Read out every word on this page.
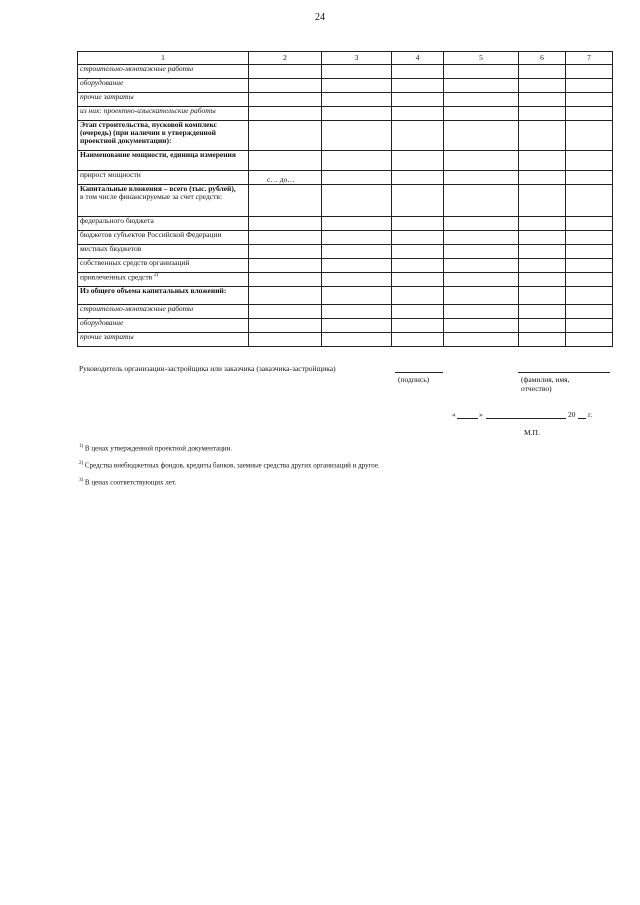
24
1	2	3	4	5	6	7
строительно-монтажные работы						
оборудование						
прочие затраты						
из них: проектно-изыскательские работы						
Этап строительства, пусковой комплекс (очередь) (при наличии в утвержденной проектной документации):						
Наименование мощности, единица измерения						
прирост мощности	с… до…					
Капитальные вложения – всего (тыс. рублей),
в том числе финансируемые за счет средств:						
федерального бюджета						
бюджетов субъектов Российской Федерации						
местных бюджетов						
собственных средств организаций						
привлеченных средств $^{2)}$						
Из общего объема капитальных вложений:						
строительно-монтажные работы						
оборудование						
прочие затраты						
Руководитель организации-застройщика или заказчика (заказчика-застройщика)
(подпись)	(фамилия, имя, отчество)
«	»	20 г.
М.П.
$^{1)}$ В ценах утвержденной проектной документации.
$^{2)}$ Средства внебюджетных фондов, кредиты банков, заемные средства других организаций и другое.
$^{3)}$ В ценах соответствующих лет.
